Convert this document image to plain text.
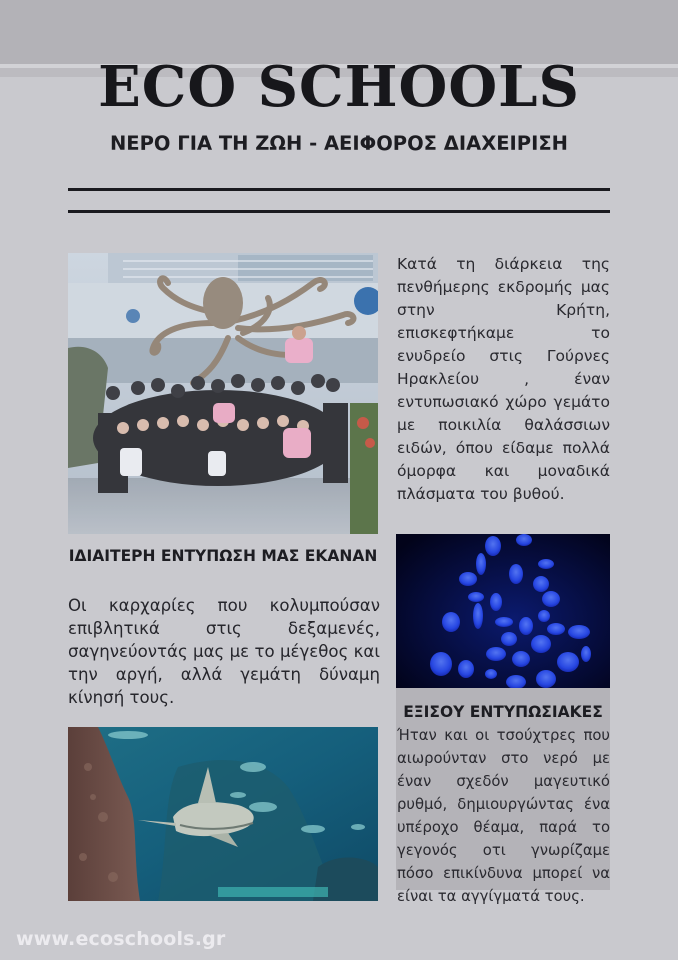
ECO SCHOOLS
ΝΕΡΟ ΓΙΑ ΤΗ ΖΩΗ - ΑΕΙΦΟΡΟΣ ΔΙΑΧΕΙΡΙΣΗ

Κατά τη διάρκεια της πενθήμερης εκδρομής μας στην Κρήτη, επισκεφτήκαμε το ενυδρείο στις Γούρνες Ηρακλείου , έναν εντυπωσιακό χώρο γεμάτο με ποικιλία θαλάσσιων ειδών, όπου είδαμε πολλά όμορφα και μοναδικά πλάσματα του βυθού.

ΙΔΙΑΙΤΕΡΗ ΕΝΤΥΠΩΣΗ ΜΑΣ ΕΚΑΝΑΝ

Οι καρχαρίες που κολυμπούσαν επιβλητικά στις δεξαμενές, σαγηνεύοντάς μας με το μέγεθος και την αργή, αλλά γεμάτη δύναμη κίνησή τους.

ΕΞΙΣΟΥ ΕΝΤΥΠΩΣΙΑΚΕΣ

Ήταν και οι τσούχτρες που αιωρούνταν στο νερό με έναν σχεδόν μαγευτικό ρυθμό, δημιουργώντας ένα υπέροχο θέαμα, παρά το γεγονός οτι γνωρίζαμε πόσο επικίνδυνα μπορεί να είναι τα αγγίγματά τους.

www.ecoschools.gr
